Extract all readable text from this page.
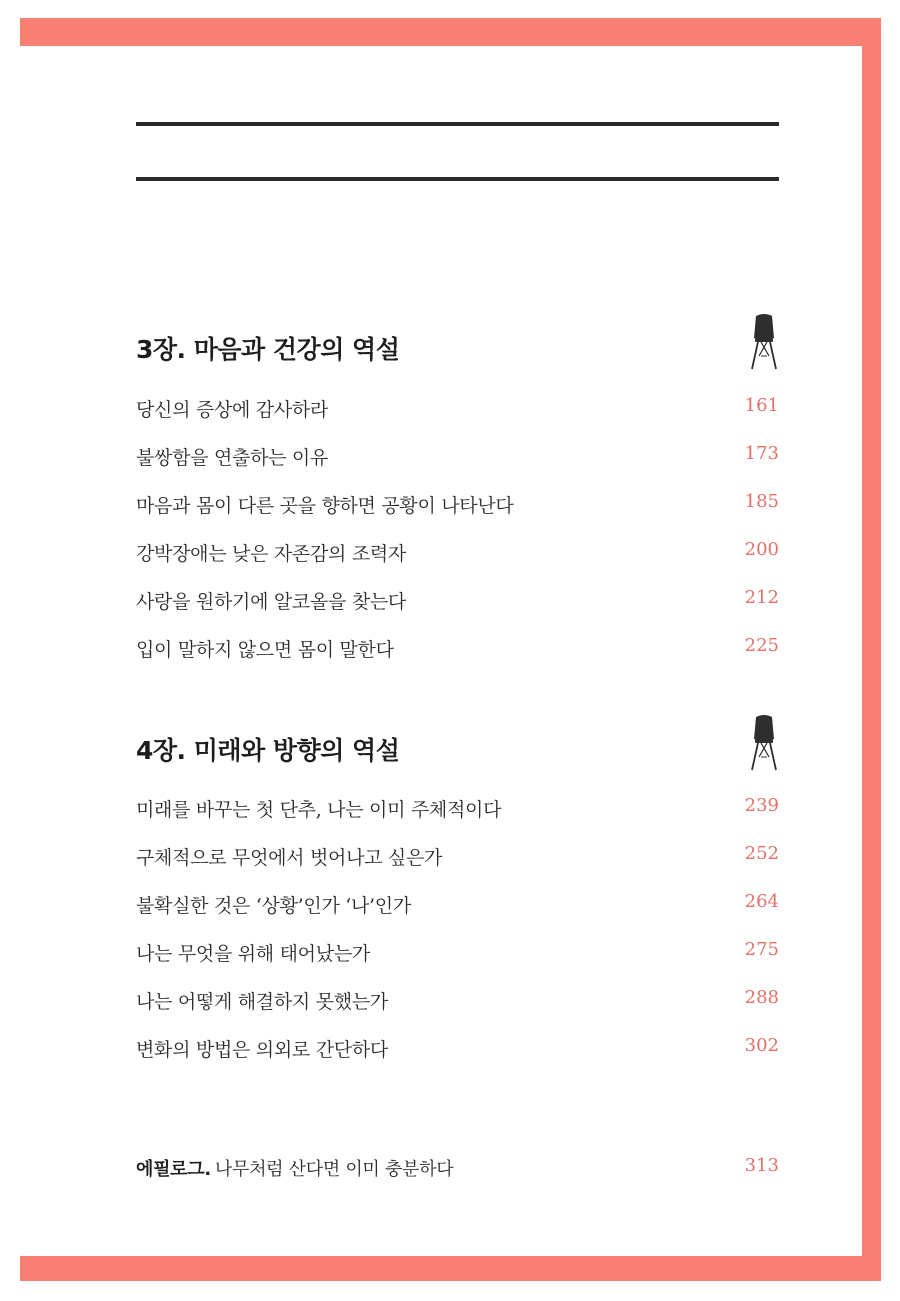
3장. 마음과 건강의 역설
당신의 증상에 감사하라	161
불쌍함을 연출하는 이유	173
마음과 몸이 다른 곳을 향하면 공황이 나타난다	185
강박장애는 낮은 자존감의 조력자	200
사랑을 원하기에 알코올을 찾는다	212
입이 말하지 않으면 몸이 말한다	225
4장. 미래와 방향의 역설
미래를 바꾸는 첫 단추, 나는 이미 주체적이다	239
구체적으로 무엇에서 벗어나고 싶은가	252
불확실한 것은 ‘상황’인가 ‘나’인가	264
나는 무엇을 위해 태어났는가	275
나는 어떻게 해결하지 못했는가	288
변화의 방법은 의외로 간단하다	302
에필로그. 나무처럼 산다면 이미 충분하다	313
